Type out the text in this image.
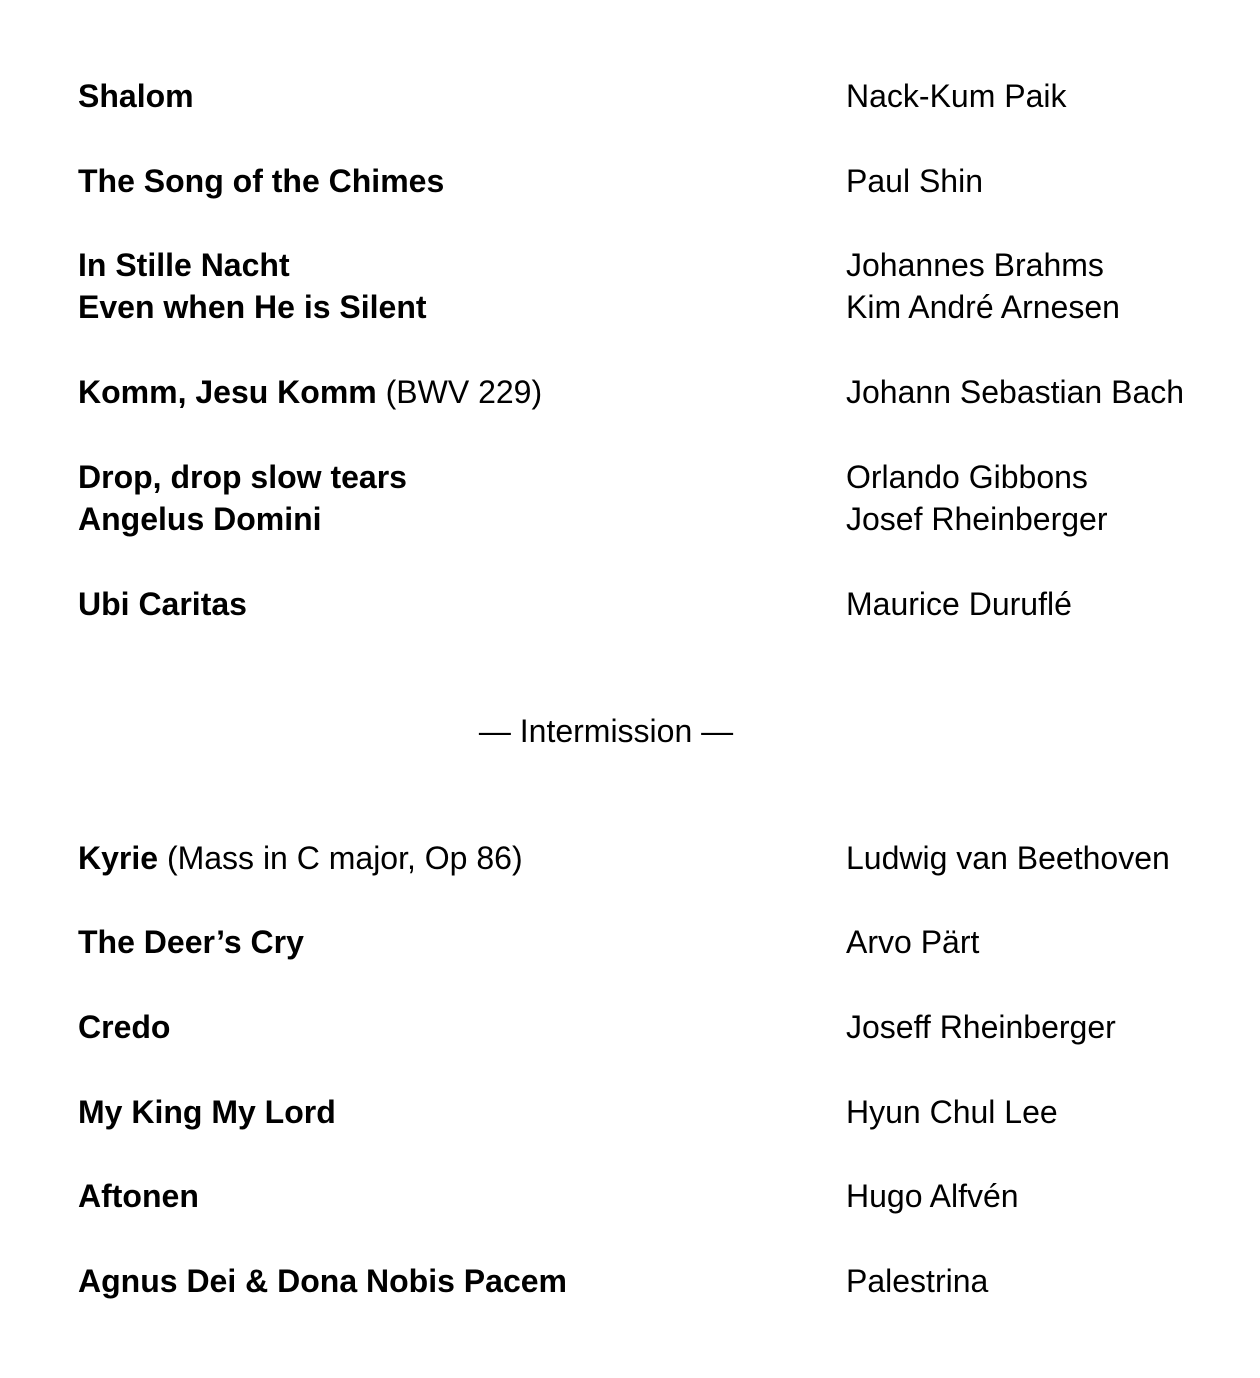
Shalom	Nack-Kum Paik
The Song of the Chimes	Paul Shin
In Stille Nacht	Johannes Brahms
Even when He is Silent	Kim André Arnesen
Komm, Jesu Komm (BWV 229)	Johann Sebastian Bach
Drop, drop slow tears	Orlando Gibbons
Angelus Domini	Josef Rheinberger
Ubi Caritas	Maurice Duruflé
Kyrie (Mass in C major, Op 86)	Ludwig van Beethoven
The Deer’s Cry	Arvo Pärt
Credo	Joseff Rheinberger
My King My Lord	Hyun Chul Lee
Aftonen	Hugo Alfvén
Agnus Dei & Dona Nobis Pacem	Palestrina
— Intermission —
